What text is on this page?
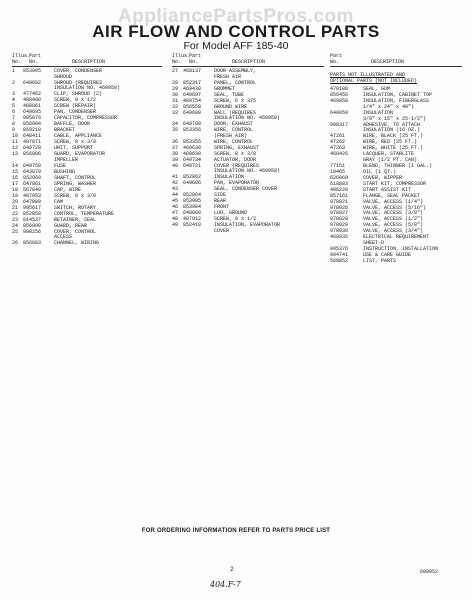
AppliancePartsPros.com
AIR FLOW AND CONTROL PARTS
For Model AFF 185-40
Illus.
Part
No.	No.	DESCRIPTION
1	853095	COVER, CONDENSER
SHROUD
2	649692	SHROUD (REQUIRES
INSULATION NO. 469958)
3	477462	CLIP, SHROUD (2)
4	488480	SCREW, 8 x 1/2
5	488861	SCREW (REPAIR)
6	649695	PAN, CONDENSER
7	995876	CAPACITOR, COMPRESSOR
8	856904	BAFFLE, DOOR
9	859210	BRACKET
10 648411	CABLE, APPLIANCE
11 487871	SCREW, 8 x 3/8
12 649728	UNIT, SUPPORT
13 856906	GUARD, EVAPORATOR
IMPELLER
14 649750	FUSE
15 643879	BUSHING
16 852069	SHAFT, CONTROL
17 647861	SPRING, WASHER
18 567840	CAP, WIRE
19 487953	SCREW, 8 x 3/8
20 647889	CAM
21 995617	SWITCH, ROTARY
22 852858	CONTROL, TEMPERATURE
23 814537	RETAINER, SEAL
24 856900	GUARD, REAR
25 998256	COVER, CONTROL
ACCESS
26 856603	CHANNEL, WIRING
Illus.
Part
No.	No.	DESCRIPTION
27 468137	DOOR ASSEMBLY,
FRESH AIR
28 852317	PANEL, CONTROL
29 469430	GROMMET
30 649697	SEAL, TUBE
31 489754	SCREW, 6 x 375
32 856558	GROUND WIRE
33 649699	WALL (REQUIRES
INSULATION NO. 469959)
34 649700	DOOR, EXHAUST
35 853356	WIRE, CONTROL
(FRESH AIR)
36 853355	WIRE, CONTROL
37 469639	SPRING, EXHAUST
38 489630	SCREW, 8 x 3/8
39 649734	ACTUATOR, DOOR
40 649721	COVER (REQUIRES
INSULATION NO. 469958)
41 852862	INSULATION
42 649686	PAN, EVAPORATOR
43	SEAL, CONDENSER COVER
44 852864	SIDE
45 853985	REAR
46 853984	FRONT
47 648068	LUG, GROUND
48 487912	SCREW, 8 x 1/2
49 852410	INSULATION, EVAPORATOR
COVER
Part
No.	DESCRIPTION
PARTS NOT ILLUSTRATED AND
OPTIONAL PARTS (NOT INCLUDED)
470188	SEAL, GUM
856456	INSULATION, CABINET TOP
469958	INSULATION, FIBERGLASS
1/4" x 24" x 48")
649959	INSULATION
3/8" x 15" x 25-1/2")
998317	ADHESIVE, TO ATTACH
INSULATION (16 OZ.)
47261	WIRE, BLACK (25 FT.)
47262	WIRE, RED (25 FT.)
47263	WIRE, WHITE (25 FT.)
460426	LACQUER, STARLITE
GRAY (1/2 PT. CAN)
77151	BLEND, THINNER (1 GAL.)
10465	OIL (1 QT.)
626069	COVER, WIPPER
618883	START KIT, COMPRESSOR
486220	START ASSIST KIT
857161	FLANGE, SEAL PACKET
978021	VALVE, ACCESS (1/4")
978026	VALVE, ACCESS (5/16")
978027	VALVE, ACCESS (3/8")
978028	VALVE, ACCESS (1/2")
978029	VALVE, ACCESS (5/8")
978030	VALVE, ACCESS (3/4")
469935	ELECTRICAL REQUIREMENT
SHEET-D
995376	INSTRUCTION, INSTALLATION
994741	USE & CARE GUIDE
569852	LIST, PARTS
FOR ORDERING INFORMATION REFER TO PARTS PRICE LIST
2	608052
404.F-7
